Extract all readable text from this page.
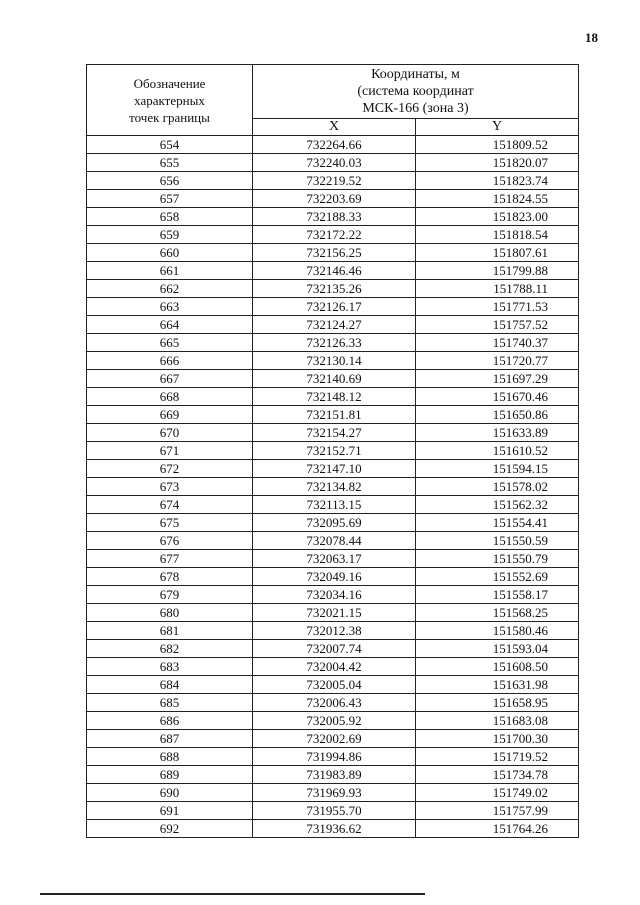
18
Обозначение
характерных
точек границы	Координаты, м
(система координат
МСК-166 (зона 3)	

	X	Y
654	732264.66	151809.52
655	732240.03	151820.07
656	732219.52	151823.74
657	732203.69	151824.55
658	732188.33	151823.00
659	732172.22	151818.54
660	732156.25	151807.61
661	732146.46	151799.88
662	732135.26	151788.11
663	732126.17	151771.53
664	732124.27	151757.52
665	732126.33	151740.37
666	732130.14	151720.77
667	732140.69	151697.29
668	732148.12	151670.46
669	732151.81	151650.86
670	732154.27	151633.89
671	732152.71	151610.52
672	732147.10	151594.15
673	732134.82	151578.02
674	732113.15	151562.32
675	732095.69	151554.41
676	732078.44	151550.59
677	732063.17	151550.79
678	732049.16	151552.69
679	732034.16	151558.17
680	732021.15	151568.25
681	732012.38	151580.46
682	732007.74	151593.04
683	732004.42	151608.50
684	732005.04	151631.98
685	732006.43	151658.95
686	732005.92	151683.08
687	732002.69	151700.30
688	731994.86	151719.52
689	731983.89	151734.78
690	731969.93	151749.02
691	731955.70	151757.99
692	731936.62	151764.26
